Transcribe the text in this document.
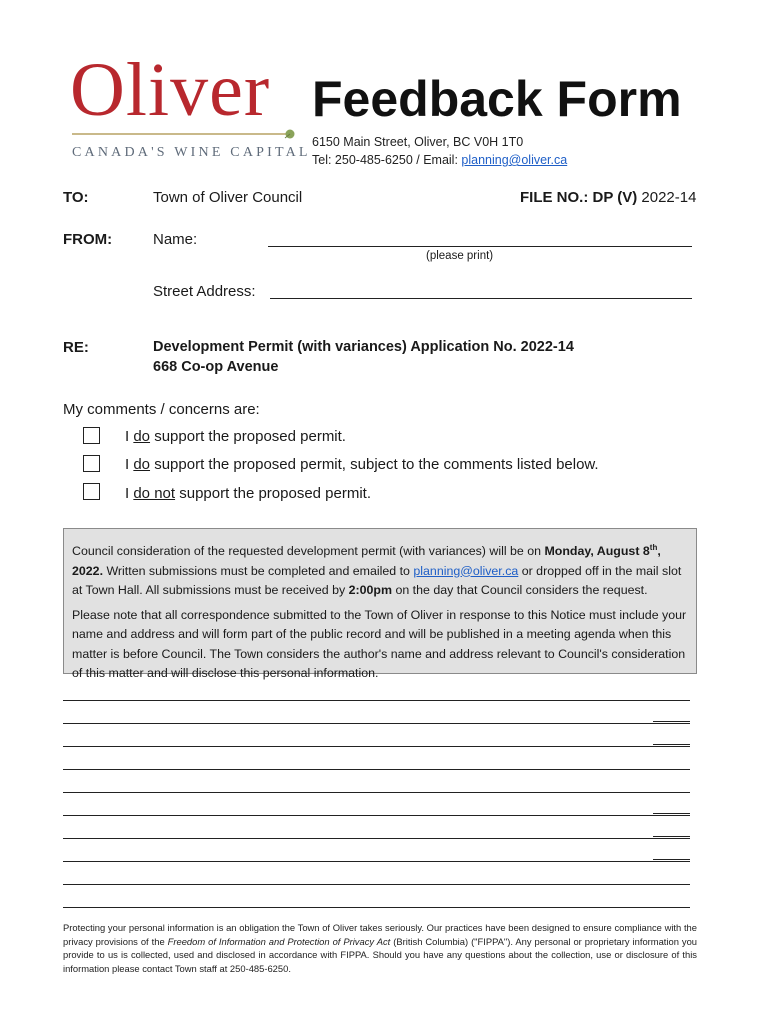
Oliver
CANADA'S WINE CAPITAL
Feedback Form
6150 Main Street, Oliver, BC V0H 1T0
Tel: 250-485-6250 / Email: planning@oliver.ca
TO:	Town of Oliver Council	FILE NO.: DP (V) 2022-14
FROM:	Name:
(please print)
Street Address:
RE:	Development Permit (with variances) Application No. 2022-14
668 Co-op Avenue
My comments / concerns are:
I do support the proposed permit.
I do support the proposed permit, subject to the comments listed below.
I do not support the proposed permit.

Council consideration of the requested development permit (with variances) will be on Monday, August 8th, 2022. Written submissions must be completed and emailed to planning@oliver.ca or dropped off in the mail slot at Town Hall. All submissions must be received by 2:00pm on the day that Council considers the request.

Please note that all correspondence submitted to the Town of Oliver in response to this Notice must include your name and address and will form part of the public record and will be published in a meeting agenda when this matter is before Council. The Town considers the author's name and address relevant to Council's consideration of this matter and will disclose this personal information.

Protecting your personal information is an obligation the Town of Oliver takes seriously. Our practices have been designed to ensure compliance with the privacy provisions of the Freedom of Information and Protection of Privacy Act (British Columbia) ("FIPPA"). Any personal or proprietary information you provide to us is collected, used and disclosed in accordance with FIPPA. Should you have any questions about the collection, use or disclosure of this information please contact Town staff at 250-485-6250.
